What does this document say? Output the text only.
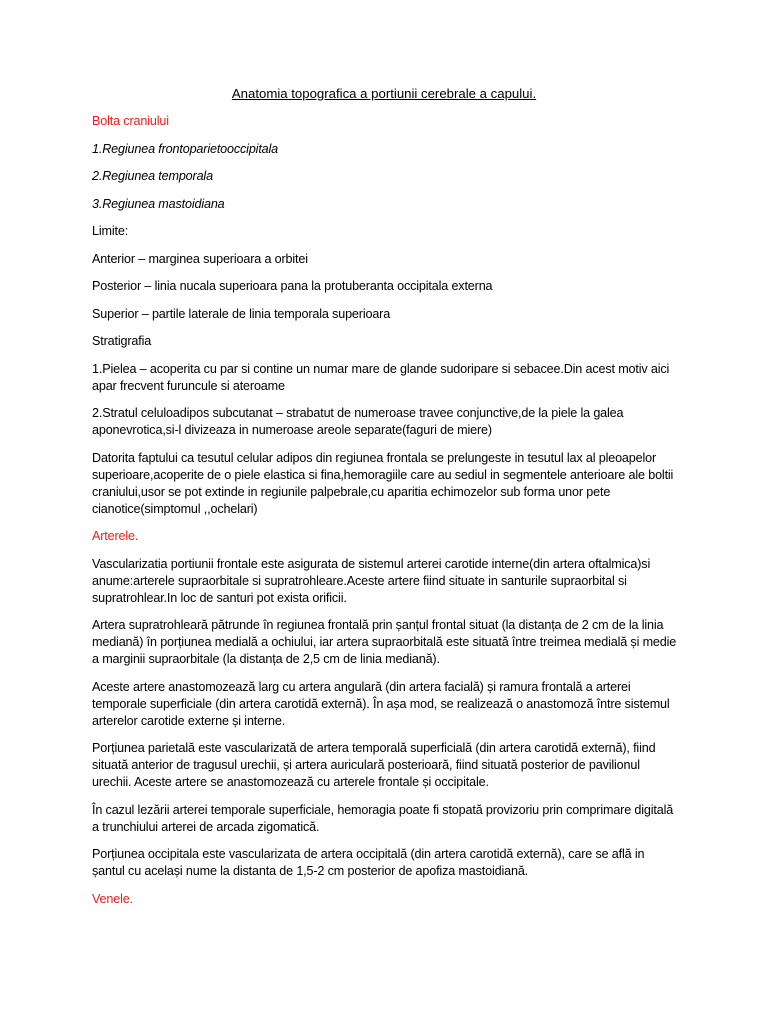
Anatomia topografica a portiunii cerebrale a capului.

Bolta craniului

1.Regiunea frontoparietooccipitala

2.Regiunea temporala

3.Regiunea mastoidiana

Limite:

Anterior – marginea superioara a orbitei

Posterior – linia nucala superioara pana la protuberanta occipitala externa

Superior – partile laterale de linia temporala superioara

Stratigrafia

1.Pielea – acoperita cu par si contine un numar mare de glande sudoripare si sebacee.Din acest motiv aici apar frecvent furuncule si ateroame

2.Stratul celuloadipos subcutanat – strabatut de numeroase travee conjunctive,de la piele la galea aponevrotica,si-l divizeaza in numeroase areole separate(faguri de miere)

Datorita faptului ca tesutul celular adipos din regiunea frontala se prelungeste in tesutul lax al pleoapelor superioare,acoperite de o piele elastica si fina,hemoragiile care au sediul in segmentele anterioare ale boltii craniului,usor se pot extinde in regiunile palpebrale,cu aparitia echimozelor sub forma unor pete cianotice(simptomul ,,ochelari)

Arterele.

Vascularizatia portiunii frontale este asigurata de sistemul arterei carotide interne(din artera oftalmica)si anume:arterele supraorbitale si supratrohleare.Aceste artere fiind situate in santurile supraorbital si supratrohlear.In loc de santuri pot exista orificii.

Artera supratrohleară pătrunde în regiunea frontală prin șanțul frontal situat (la distanța de 2 cm de la linia mediană) în porțiunea medială a ochiului, iar artera supraorbitală este situată între treimea medială și medie a marginii supraorbitale (la distanța de 2,5 cm de linia mediană).

Aceste artere anastomozează larg cu artera angulară (din artera facială) și ramura frontală a arterei temporale superficiale (din artera carotidă externă). În așa mod, se realizează o anastomoză între sistemul arterelor carotide externe și interne.

Porțiunea parietală este vascularizată de artera temporală superficială (din artera carotidă externă), fiind situată anterior de tragusul urechii, și artera auriculară posterioară, fiind situată posterior de pavilionul urechii. Aceste artere se anastomozează cu arterele frontale și occipitale.

În cazul lezării arterei temporale superficiale, hemoragia poate fi stopată provizoriu prin comprimare digitală a trunchiului arterei de arcada zigomatică.

Porțiunea occipitala este vascularizata de artera occipitală (din artera carotidă externă), care se află in șantul cu același nume la distanta de 1,5-2 cm posterior de apofiza mastoidiană.

Venele.
